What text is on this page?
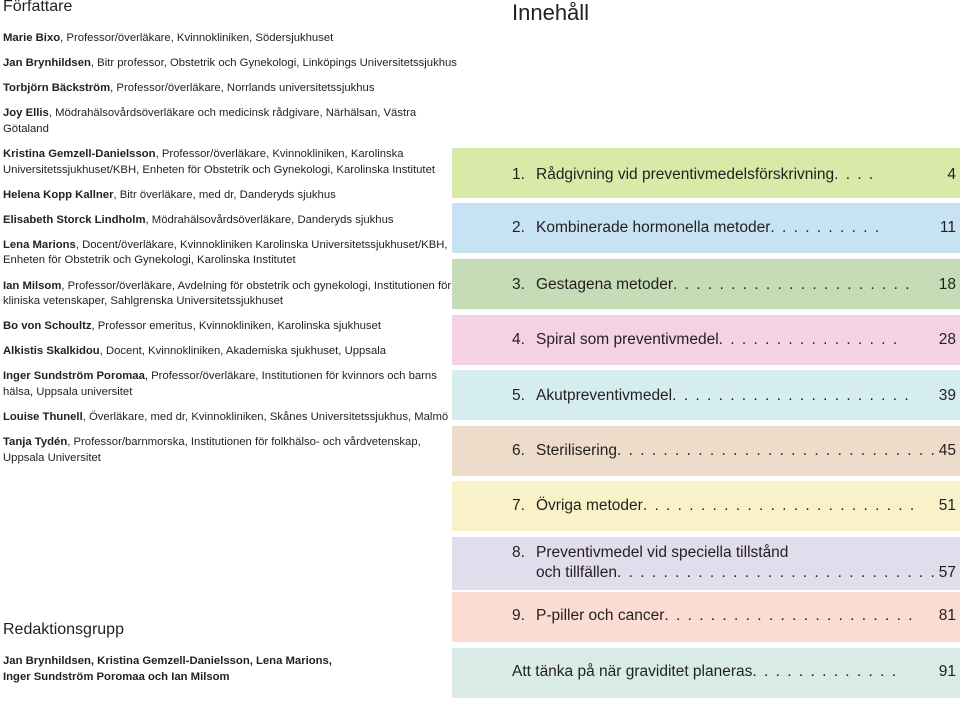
Författare

Marie Bixo, Professor/överläkare, Kvinnokliniken, Södersjukhuset

Jan Brynhildsen, Bitr professor, Obstetrik och Gynekologi, Linköpings Universitetssjukhus

Torbjörn Bäckström, Professor/överläkare, Norrlands universitetssjukhus

Joy Ellis, Mödrahälsovårdsöverläkare och medicinsk rådgivare, Närhälsan, Västra Götaland

Kristina Gemzell-Danielsson, Professor/överläkare, Kvinnokliniken, Karolinska Universitetssjukhuset/KBH, Enheten för Obstetrik och Gynekologi, Karolinska Institutet

Helena Kopp Kallner, Bitr överläkare, med dr, Danderyds sjukhus

Elisabeth Storck Lindholm, Mödrahälsovårdsöverläkare, Danderyds sjukhus

Lena Marions, Docent/överläkare, Kvinnokliniken Karolinska Universitetssjukhuset/KBH, Enheten för Obstetrik och Gynekologi, Karolinska Institutet

Ian Milsom, Professor/överläkare, Avdelning för obstetrik och gynekologi, Institutionen för kliniska vetenskaper, Sahlgrenska Universitetssjukhuset

Bo von Schoultz, Professor emeritus, Kvinnokliniken, Karolinska sjukhuset

Alkistis Skalkidou, Docent, Kvinnokliniken, Akademiska sjukhuset, Uppsala

Inger Sundström Poromaa, Professor/överläkare, Institutionen för kvinnors och barns hälsa, Uppsala universitet

Louise Thunell, Överläkare, med dr, Kvinnokliniken, Skånes Universitetssjukhus, Malmö

Tanja Tydén, Professor/barnmorska, Institutionen för folkhälso- och vårdvetenskap, Uppsala Universitet

Redaktionsgrupp
Jan Brynhildsen, Kristina Gemzell-Danielsson, Lena Marions,
Inger Sundström Poromaa och Ian Milsom
Innehåll
1. Rådgivning vid preventivmedelsförskrivning . . . .	4
2. Kombinerade hormonella metoder . . . . . . . . . .	11
3. Gestagena metoder . . . . . . . . . . . . . . . . . . . . .	18
4. Spiral som preventivmedel . . . . . . . . . . . . . . . .	28
5. Akutpreventivmedel . . . . . . . . . . . . . . . . . . . . .	39
6. Sterilisering . . . . . . . . . . . . . . . . . . . . . . . . . . . . 45
7. Övriga metoder . . . . . . . . . . . . . . . . . . . . . . . .	51
8. Preventivmedel vid speciella tillstånd
och tillfällen . . . . . . . . . . . . . . . . . . . . . . . . . . . . 57
9. P-piller och cancer . . . . . . . . . . . . . . . . . . . . . .	81
Att tänka på när graviditet planeras . . . . . . . . . . . . .	91
